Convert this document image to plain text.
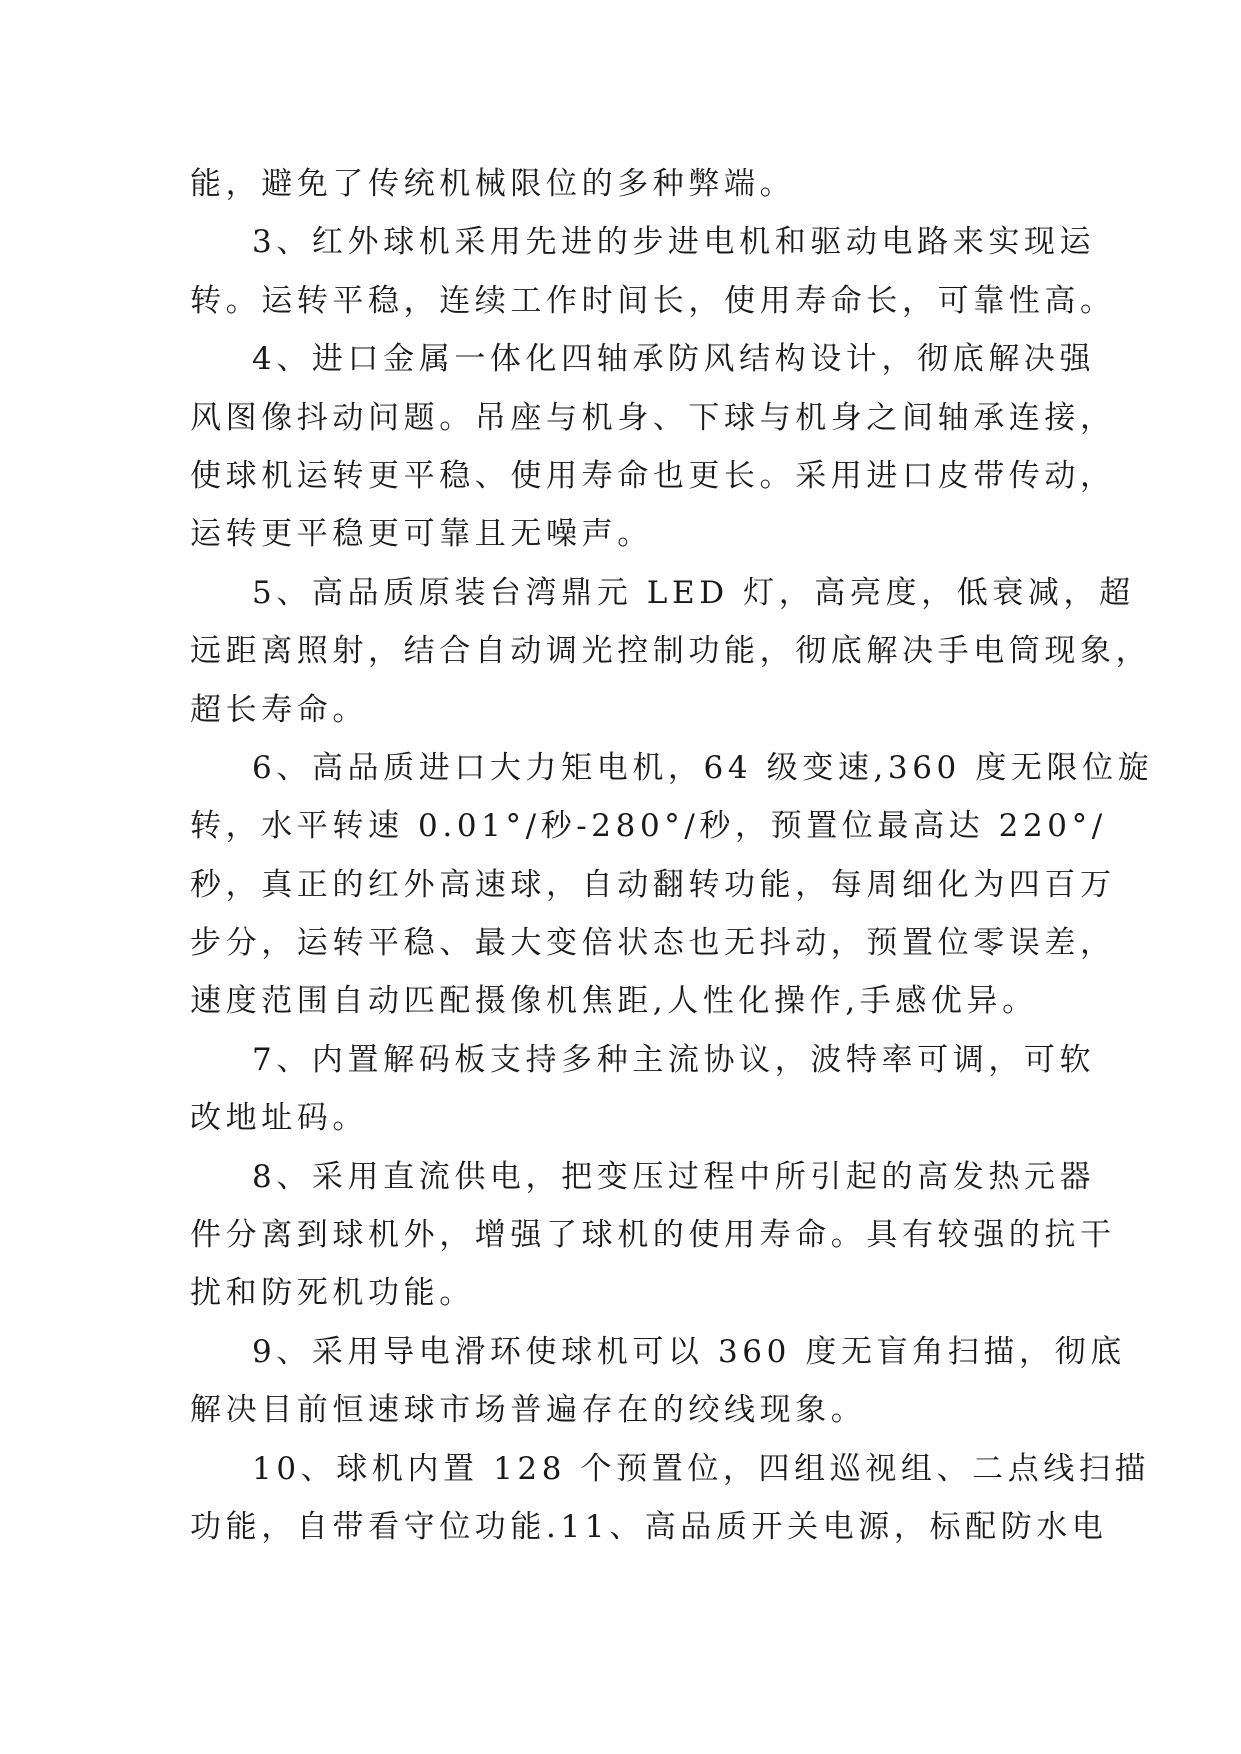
能，避免了传统机械限位的多种弊端。
3、红外球机采用先进的步进电机和驱动电路来实现运
转。运转平稳，连续工作时间长，使用寿命长，可靠性高。
4、进口金属一体化四轴承防风结构设计，彻底解决强
风图像抖动问题。吊座与机身、下球与机身之间轴承连接，
使球机运转更平稳、使用寿命也更长。采用进口皮带传动，
运转更平稳更可靠且无噪声。
5、高品质原装台湾鼎元 LED 灯，高亮度，低衰减，超
远距离照射，结合自动调光控制功能，彻底解决手电筒现象，
超长寿命。
6、高品质进口大力矩电机，64 级变速,360 度无限位旋
转，水平转速 0.01°/秒-280°/秒，预置位最高达 220°/
秒，真正的红外高速球，自动翻转功能，每周细化为四百万
步分，运转平稳、最大变倍状态也无抖动，预置位零误差，
速度范围自动匹配摄像机焦距,人性化操作,手感优异。
7、内置解码板支持多种主流协议，波特率可调，可软
改地址码。
8、采用直流供电，把变压过程中所引起的高发热元器
件分离到球机外，增强了球机的使用寿命。具有较强的抗干
扰和防死机功能。
9、采用导电滑环使球机可以 360 度无盲角扫描，彻底
解决目前恒速球市场普遍存在的绞线现象。
10、球机内置 128 个预置位，四组巡视组、二点线扫描
功能，自带看守位功能.11、高品质开关电源，标配防水电
